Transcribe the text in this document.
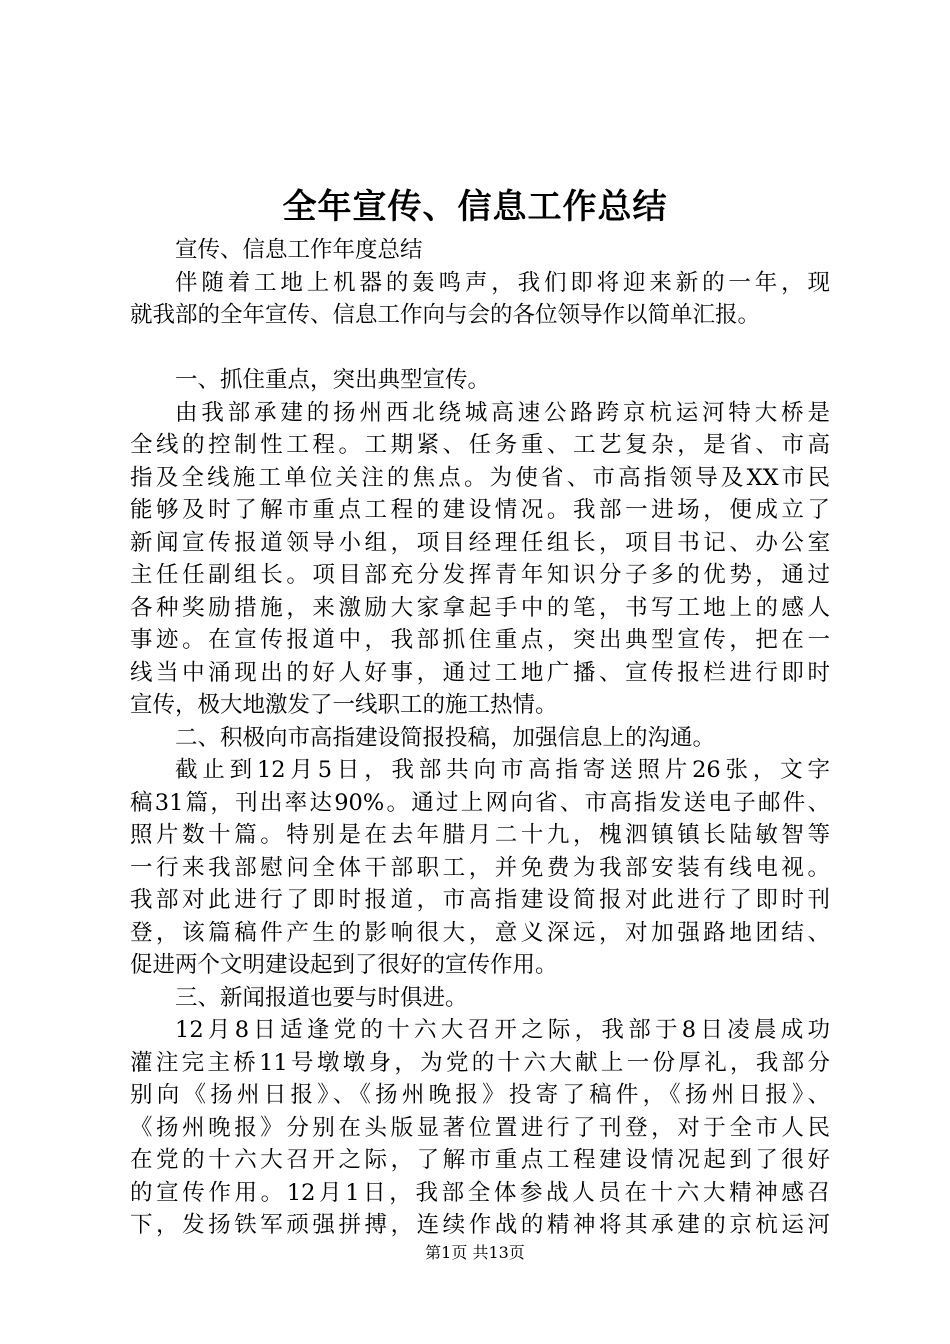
全年宣传、信息工作总结
宣传、信息工作年度总结
伴随着工地上机器的轰鸣声，我们即将迎来新的一年，现
就我部的全年宣传、信息工作向与会的各位领导作以简单汇报。
一、抓住重点，突出典型宣传。
由我部承建的扬州西北绕城高速公路跨京杭运河特大桥是
全线的控制性工程。工期紧、任务重、工艺复杂，是省、市高
指及全线施工单位关注的焦点。为使省、市高指领导及XX市民
能够及时了解市重点工程的建设情况。我部一进场，便成立了
新闻宣传报道领导小组，项目经理任组长，项目书记、办公室
主任任副组长。项目部充分发挥青年知识分子多的优势，通过
各种奖励措施，来激励大家拿起手中的笔，书写工地上的感人
事迹。在宣传报道中，我部抓住重点，突出典型宣传，把在一
线当中涌现出的好人好事，通过工地广播、宣传报栏进行即时
宣传，极大地激发了一线职工的施工热情。
二、积极向市高指建设简报投稿，加强信息上的沟通。
截止到12月5日，我部共向市高指寄送照片26张，文字
稿31篇，刊出率达90%。通过上网向省、市高指发送电子邮件、
照片数十篇。特别是在去年腊月二十九，槐泗镇镇长陆敏智等
一行来我部慰问全体干部职工，并免费为我部安装有线电视。
我部对此进行了即时报道，市高指建设简报对此进行了即时刊
登，该篇稿件产生的影响很大，意义深远，对加强路地团结、
促进两个文明建设起到了很好的宣传作用。
三、新闻报道也要与时俱进。
12月8日适逢党的十六大召开之际，我部于8日凌晨成功
灌注完主桥11号墩墩身，为党的十六大献上一份厚礼，我部分
别向《扬州日报》、《扬州晚报》投寄了稿件，《扬州日报》、
《扬州晚报》分别在头版显著位置进行了刊登，对于全市人民
在党的十六大召开之际，了解市重点工程建设情况起到了很好
的宣传作用。12月1日，我部全体参战人员在十六大精神感召
下，发扬铁军顽强拼搏，连续作战的精神将其承建的京杭运河
第1页 共13页
